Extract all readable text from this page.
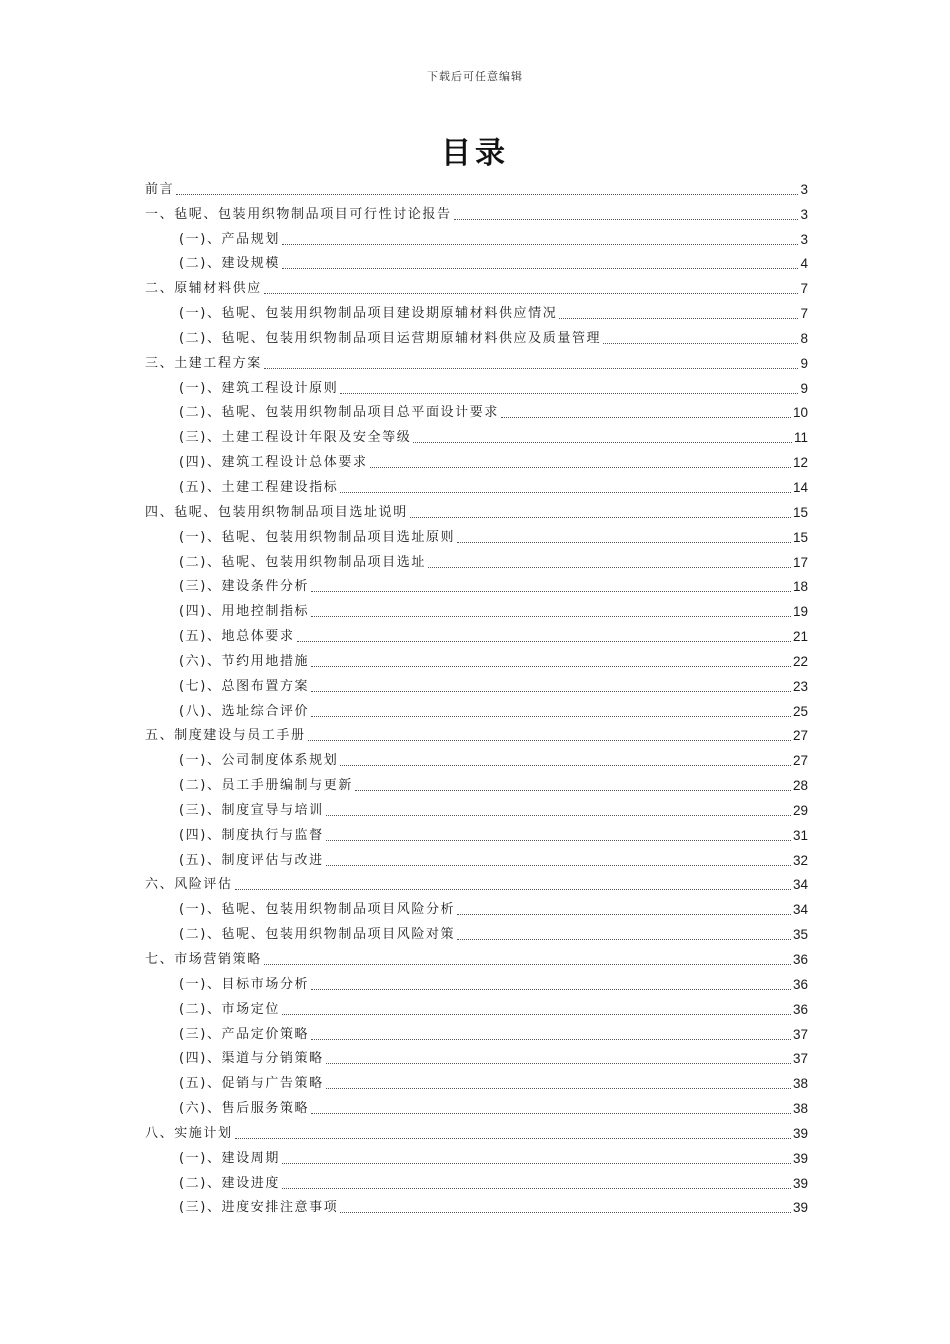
下载后可任意编辑
目录
前言	3
一、毡呢、包装用织物制品项目可行性讨论报告	3
(一)、产品规划	3
(二)、建设规模	4
二、原辅材料供应	7
(一)、毡呢、包装用织物制品项目建设期原辅材料供应情况	7
(二)、毡呢、包装用织物制品项目运营期原辅材料供应及质量管理	8
三、土建工程方案	9
(一)、建筑工程设计原则	9
(二)、毡呢、包装用织物制品项目总平面设计要求	10
(三)、土建工程设计年限及安全等级	11
(四)、建筑工程设计总体要求	12
(五)、土建工程建设指标	14
四、毡呢、包装用织物制品项目选址说明	15
(一)、毡呢、包装用织物制品项目选址原则	15
(二)、毡呢、包装用织物制品项目选址	17
(三)、建设条件分析	18
(四)、用地控制指标	19
(五)、地总体要求	21
(六)、节约用地措施	22
(七)、总图布置方案	23
(八)、选址综合评价	25
五、制度建设与员工手册	27
(一)、公司制度体系规划	27
(二)、员工手册编制与更新	28
(三)、制度宣导与培训	29
(四)、制度执行与监督	31
(五)、制度评估与改进	32
六、风险评估	34
(一)、毡呢、包装用织物制品项目风险分析	34
(二)、毡呢、包装用织物制品项目风险对策	35
七、市场营销策略	36
(一)、目标市场分析	36
(二)、市场定位	36
(三)、产品定价策略	37
(四)、渠道与分销策略	37
(五)、促销与广告策略	38
(六)、售后服务策略	38
八、实施计划	39
(一)、建设周期	39
(二)、建设进度	39
(三)、进度安排注意事项	39
